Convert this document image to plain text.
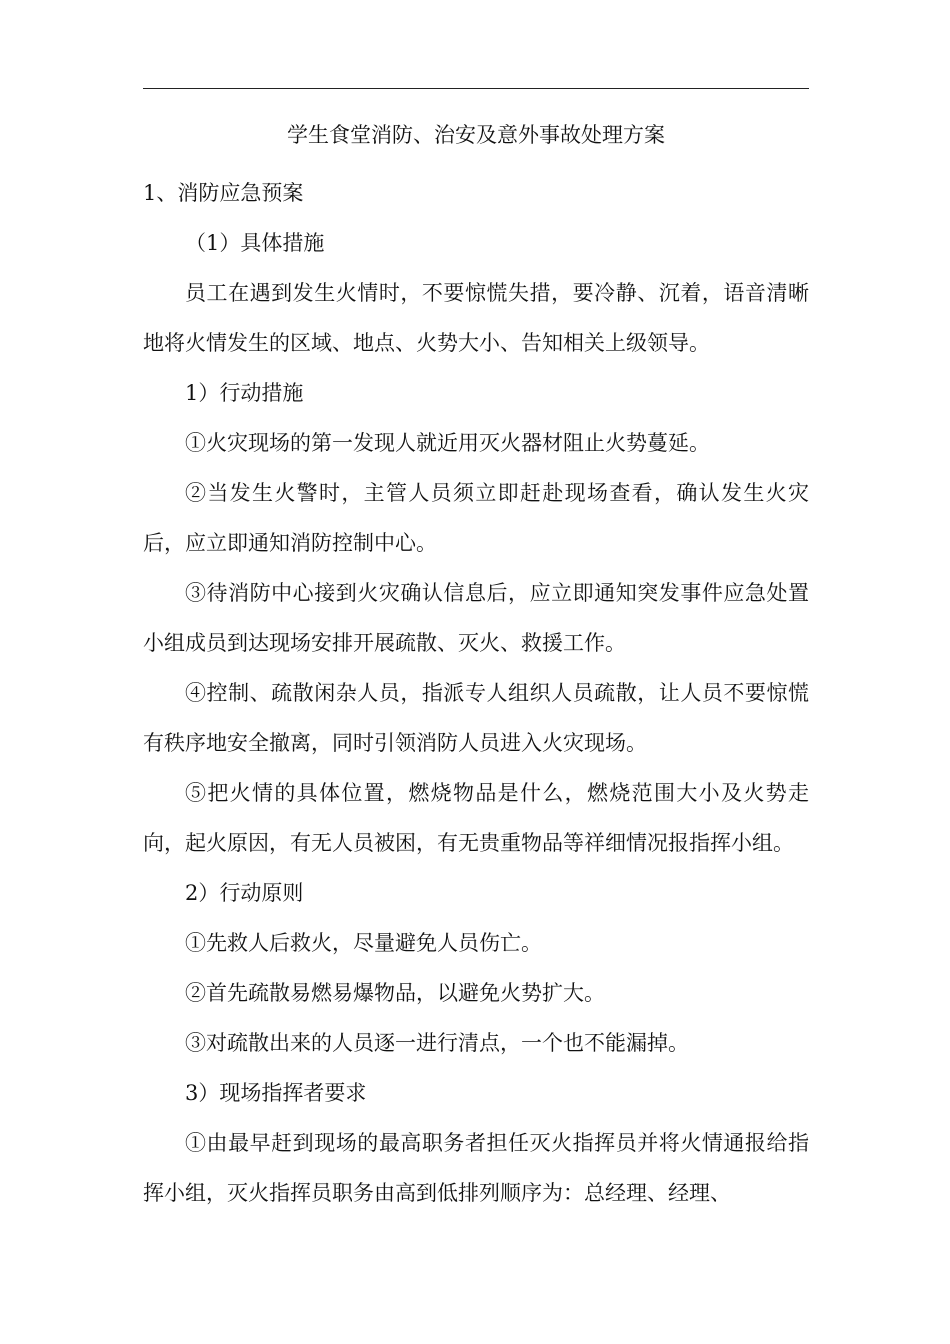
学生食堂消防、治安及意外事故处理方案

1、消防应急预案

（1）具体措施

员工在遇到发生火情时，不要惊慌失措，要冷静、沉着，语音清晰地将火情发生的区域、地点、火势大小、告知相关上级领导。

1）行动措施

①火灾现场的第一发现人就近用灭火器材阻止火势蔓延。

②当发生火警时，主管人员须立即赶赴现场查看，确认发生火灾后，应立即通知消防控制中心。

③待消防中心接到火灾确认信息后，应立即通知突发事件应急处置小组成员到达现场安排开展疏散、灭火、救援工作。

④控制、疏散闲杂人员，指派专人组织人员疏散，让人员不要惊慌有秩序地安全撤离，同时引领消防人员进入火灾现场。

⑤把火情的具体位置，燃烧物品是什么，燃烧范围大小及火势走向，起火原因，有无人员被困，有无贵重物品等祥细情况报指挥小组。

2）行动原则

①先救人后救火，尽量避免人员伤亡。

②首先疏散易燃易爆物品，以避免火势扩大。

③对疏散出来的人员逐一进行清点，一个也不能漏掉。

3）现场指挥者要求

①由最早赶到现场的最高职务者担任灭火指挥员并将火情通报给指挥小组，灭火指挥员职务由高到低排列顺序为：总经理、经理、
